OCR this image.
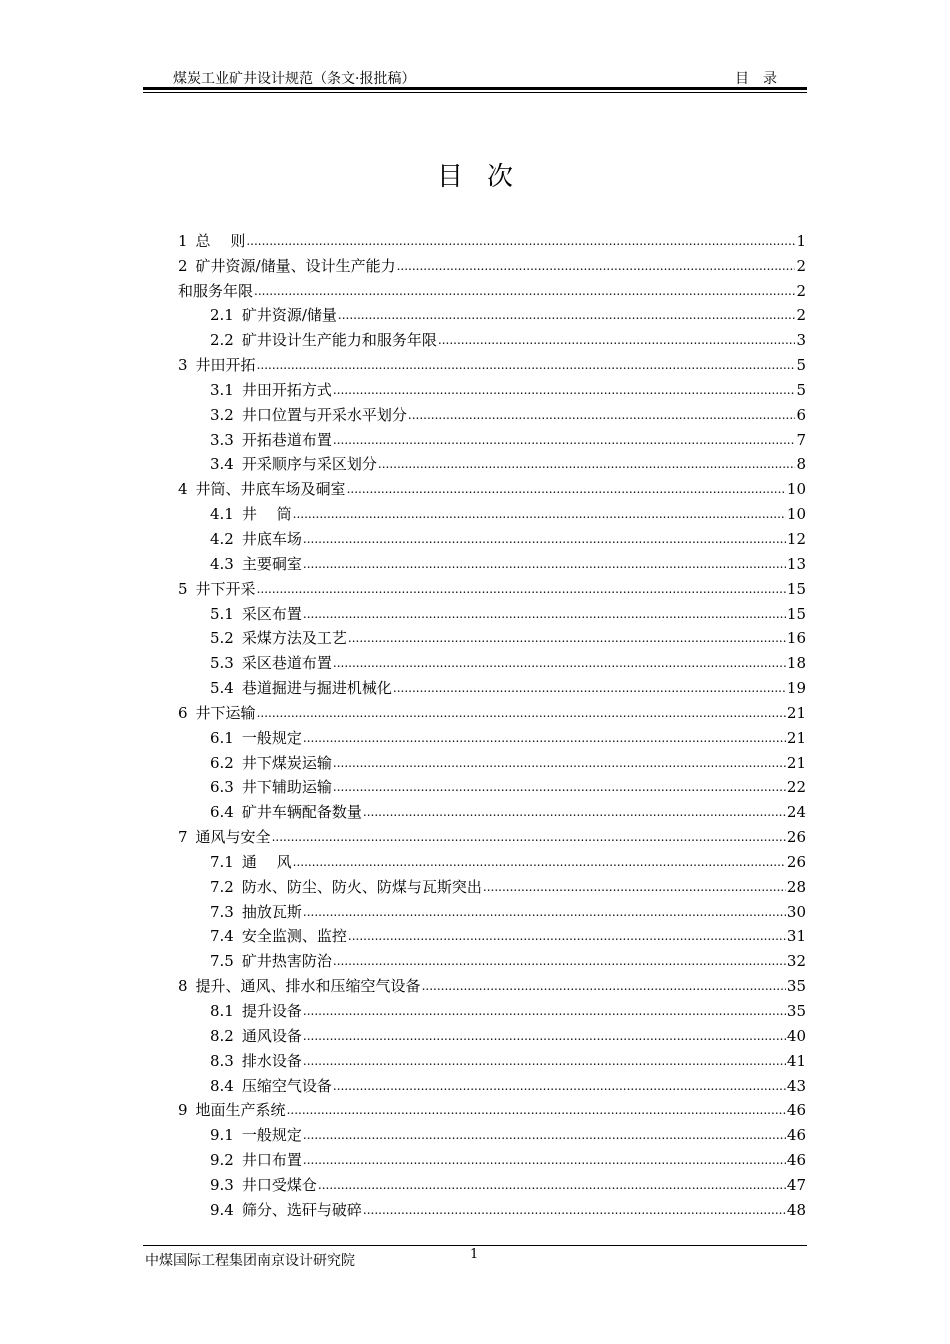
煤炭工业矿井设计规范（条文·报批稿）	目　录
目次
1 总　 则 .....	1
2 矿井资源/储量、设计生产能力 .....	2
和服务年限 .....	2
2.1 矿井资源/储量 .....	2
2.2 矿井设计生产能力和服务年限 .....	3
3 井田开拓 .....	5
3.1 井田开拓方式 .....	5
3.2 井口位置与开采水平划分 .....	6
3.3 开拓巷道布置 .....	7
3.4 开采顺序与采区划分 .....	8
4 井筒、井底车场及硐室 .....	10
4.1 井　 筒 .....	10
4.2 井底车场 .....	12
4.3 主要硐室 .....	13
5 井下开采 .....	15
5.1 采区布置 .....	15
5.2 采煤方法及工艺 .....	16
5.3 采区巷道布置 .....	18
5.4 巷道掘进与掘进机械化 .....	19
6 井下运输 .....	21
6.1 一般规定 .....	21
6.2 井下煤炭运输 .....	21
6.3 井下辅助运输 .....	22
6.4 矿井车辆配备数量 .....	24
7 通风与安全 .....	26
7.1 通　 风 .....	26
7.2 防水、防尘、防火、防煤与瓦斯突出 .....	28
7.3 抽放瓦斯 .....	30
7.4 安全监测、监控 .....	31
7.5 矿井热害防治 .....	32
8 提升、通风、排水和压缩空气设备 .....	35
8.1 提升设备 .....	35
8.2 通风设备 .....	40
8.3 排水设备 .....	41
8.4 压缩空气设备 .....	43
9 地面生产系统 .....	46
9.1 一般规定 .....	46
9.2 井口布置 .....	46
9.3 井口受煤仓 .....	47
9.4 筛分、选矸与破碎 .....	48
中煤国际工程集团南京设计研究院	1
